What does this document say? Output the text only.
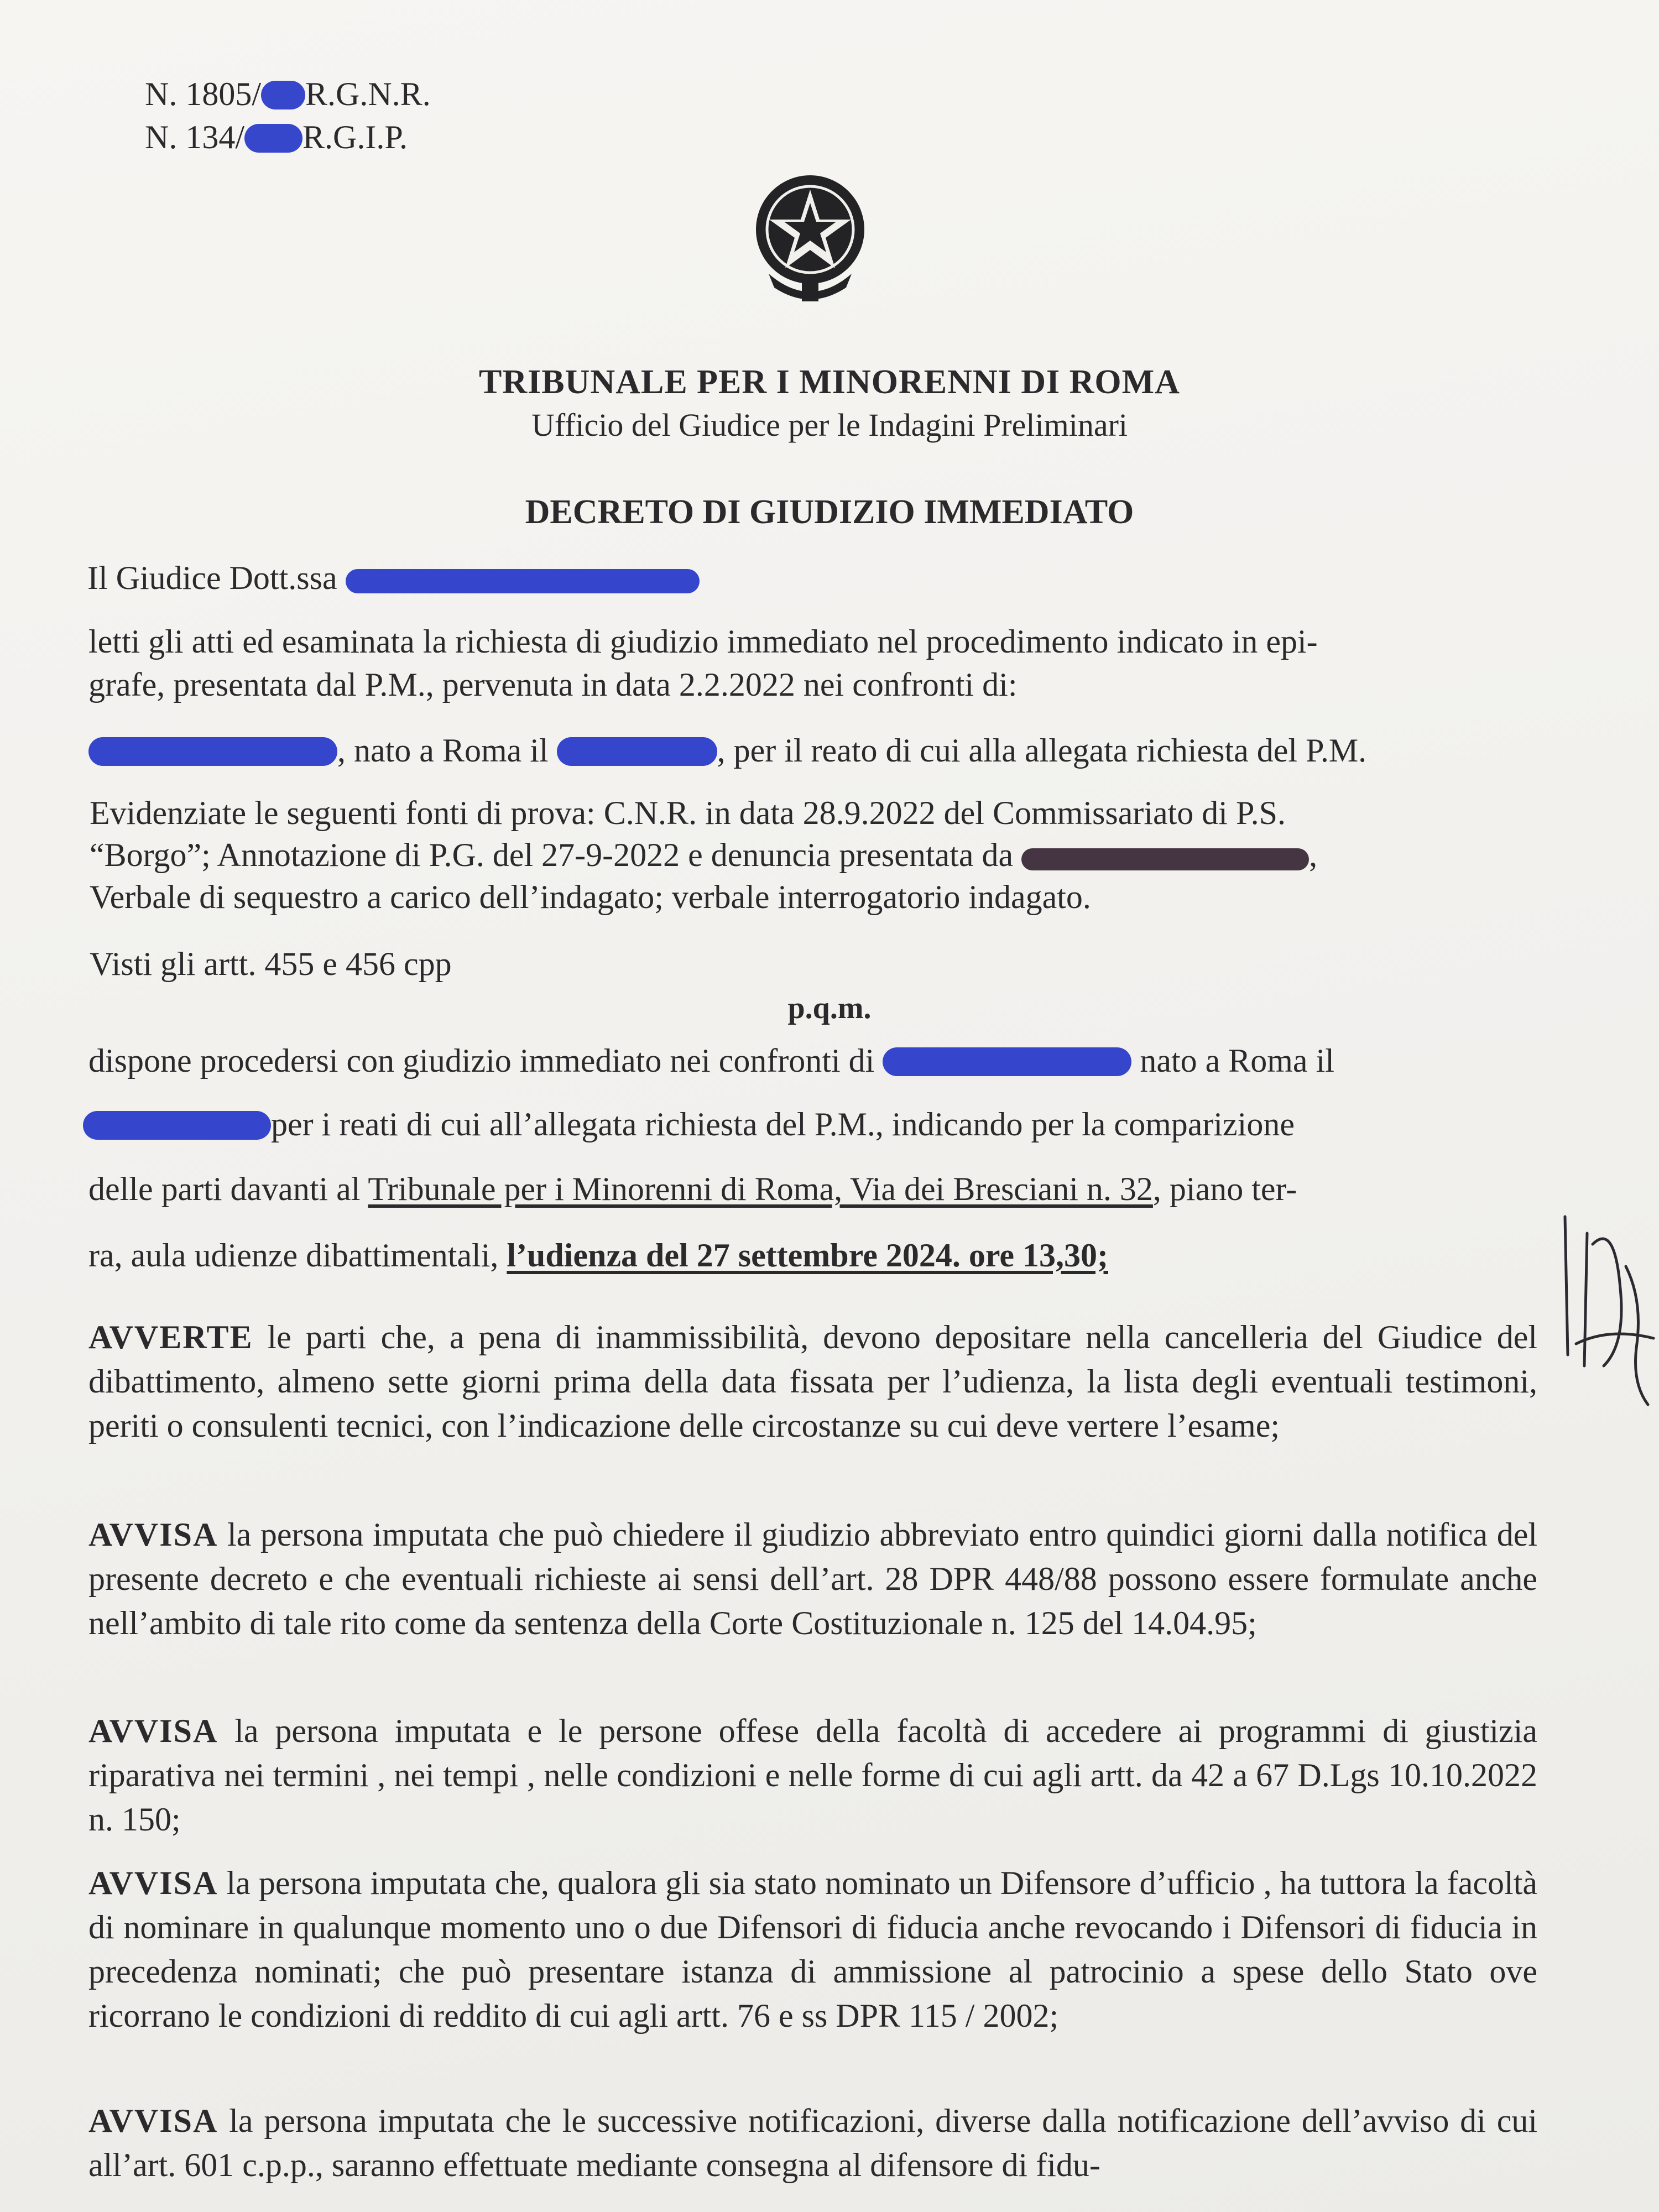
N. 1805/ R.G.N.R.
N. 134/ R.G.I.P.
TRIBUNALE PER I MINORENNI DI ROMA
Ufficio del Giudice per le Indagini Preliminari
DECRETO DI GIUDIZIO IMMEDIATO
Il Giudice Dott.ssa
letti gli atti ed esaminata la richiesta di giudizio immediato nel procedimento indicato in epi-
grafe, presentata dal P.M., pervenuta in data 2.2.2022 nei confronti di:
, nato a Roma il	, per il reato di cui alla allegata richiesta del P.M.
Evidenziate le seguenti fonti di prova: C.N.R. in data 28.9.2022 del Commissariato di P.S.
“Borgo”; Annotazione di P.G. del 27-9-2022 e denuncia presentata da	,
Verbale di sequestro a carico dell’indagato; verbale interrogatorio indagato.
Visti gli artt. 455 e 456 cpp
p.q.m.
dispone procedersi con giudizio immediato nei confronti di	nato a Roma il
per i reati di cui all’allegata richiesta del P.M., indicando per la comparizione
delle parti davanti al Tribunale per i Minorenni di Roma, Via dei Bresciani n. 32, piano ter-
ra, aula udienze dibattimentali, l’udienza del 27 settembre 2024. ore 13,30;
AVVERTE le parti che, a pena di inammissibilità, devono depositare nella cancelleria del Giudice del dibattimento, almeno sette giorni prima della data fissata per l’udienza, la lista degli eventuali testimoni, periti o consulenti tecnici, con l’indicazione delle circostanze su cui deve vertere l’esame;
AVVISA la persona imputata che può chiedere il giudizio abbreviato entro quindici giorni dalla notifica del presente decreto e che eventuali richieste ai sensi dell’art. 28 DPR 448/88 possono essere formulate anche nell’ambito di tale rito come da sentenza della Corte Costituzionale n. 125 del 14.04.95;
AVVISA la persona imputata e le persone offese della facoltà di accedere ai programmi di giustizia riparativa nei termini , nei tempi , nelle condizioni e nelle forme di cui agli artt. da 42 a 67 D.Lgs 10.10.2022 n. 150;
AVVISA la persona imputata che, qualora gli sia stato nominato un Difensore d’ufficio , ha tuttora la facoltà di nominare in qualunque momento uno o due Difensori di fiducia anche revocando i Difensori di fiducia in precedenza nominati; che può presentare istanza di ammissione al patrocinio a spese dello Stato ove ricorrano le condizioni di reddito di cui agli artt. 76 e ss DPR 115 / 2002;
AVVISA la persona imputata che le successive notificazioni, diverse dalla notificazione dell’avviso di cui all’art. 601 c.p.p., saranno effettuate mediante consegna al difensore di fidu-
